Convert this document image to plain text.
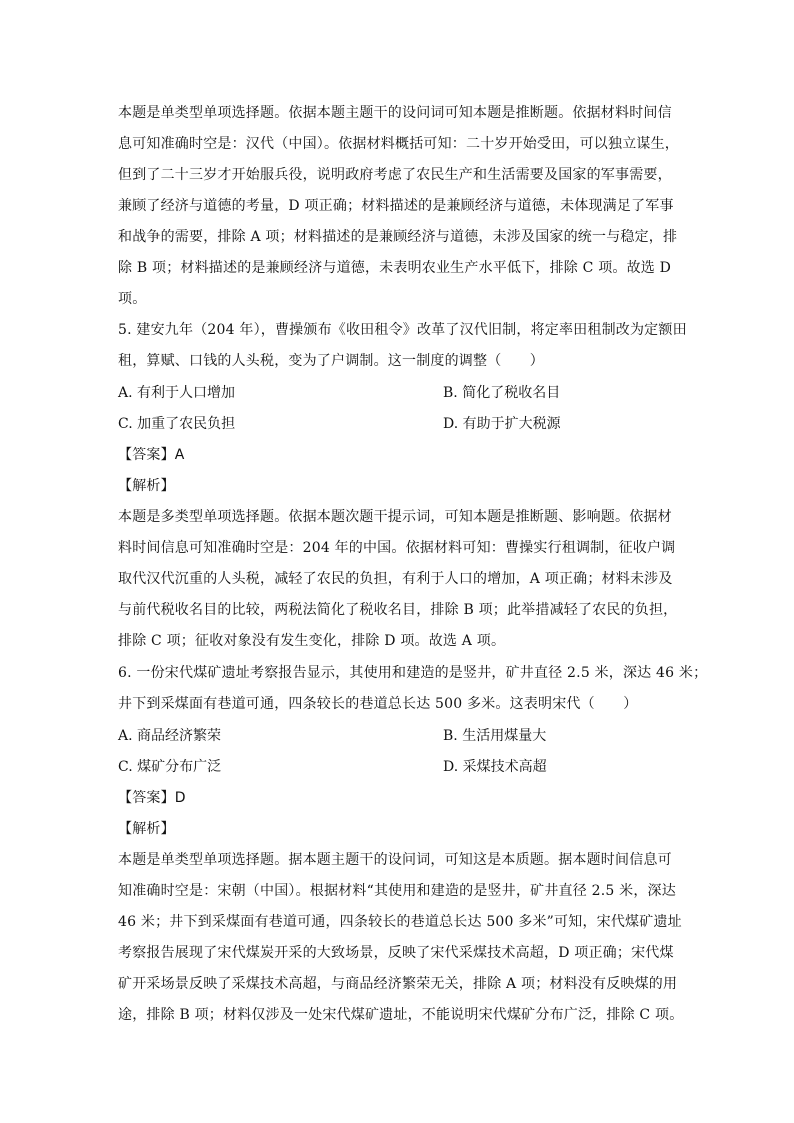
本题是单类型单项选择题。依据本题主题干的设问词可知本题是推断题。依据材料时间信
息可知准确时空是：汉代（中国）。依据材料概括可知：二十岁开始受田，可以独立谋生，
但到了二十三岁才开始服兵役，说明政府考虑了农民生产和生活需要及国家的军事需要，
兼顾了经济与道德的考量，D 项正确；材料描述的是兼顾经济与道德，未体现满足了军事
和战争的需要，排除 A 项；材料描述的是兼顾经济与道德，未涉及国家的统一与稳定，排
除 B 项；材料描述的是兼顾经济与道德，未表明农业生产水平低下，排除 C 项。故选 D
项。
5. 建安九年（204 年），曹操颁布《收田租令》改革了汉代旧制，将定率田租制改为定额田
租，算赋、口钱的人头税，变为了户调制。这一制度的调整（　　）
A. 有利于人口增加	B. 简化了税收名目
C. 加重了农民负担	D. 有助于扩大税源
【答案】A
【解析】
本题是多类型单项选择题。依据本题次题干提示词，可知本题是推断题、影响题。依据材
料时间信息可知准确时空是：204 年的中国。依据材料可知：曹操实行租调制，征收户调
取代汉代沉重的人头税，减轻了农民的负担，有利于人口的增加，A 项正确；材料未涉及
与前代税收名目的比较，两税法简化了税收名目，排除 B 项；此举措减轻了农民的负担，
排除 C 项；征收对象没有发生变化，排除 D 项。故选 A 项。
6. 一份宋代煤矿遗址考察报告显示，其使用和建造的是竖井，矿井直径 2.5 米，深达 46 米；
井下到采煤面有巷道可通，四条较长的巷道总长达 500 多米。这表明宋代（　　）
A. 商品经济繁荣	B. 生活用煤量大
C. 煤矿分布广泛	D. 采煤技术高超
【答案】D
【解析】
本题是单类型单项选择题。据本题主题干的设问词，可知这是本质题。据本题时间信息可
知准确时空是：宋朝（中国）。根据材料“其使用和建造的是竖井，矿井直径 2.5 米，深达
46 米；井下到采煤面有巷道可通，四条较长的巷道总长达 500 多米”可知，宋代煤矿遗址
考察报告展现了宋代煤炭开采的大致场景，反映了宋代采煤技术高超，D 项正确；宋代煤
矿开采场景反映了采煤技术高超，与商品经济繁荣无关，排除 A 项；材料没有反映煤的用
途，排除 B 项；材料仅涉及一处宋代煤矿遗址，不能说明宋代煤矿分布广泛，排除 C 项。
